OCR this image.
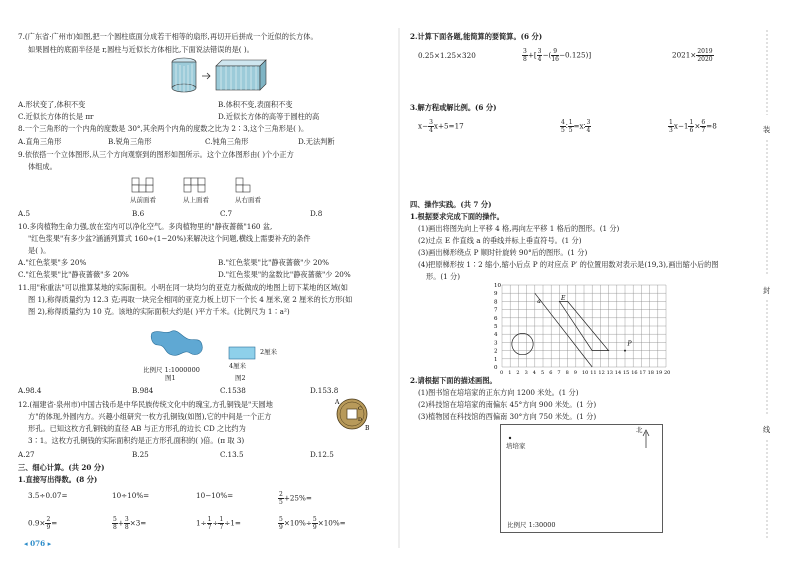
7.(广东省·广州市)如图,把一个圆柱底面分成若干相等的扇形,再切开后拼成一个近似的长方体。
如果圆柱的底面半径是 r,圆柱与近似长方体相比,下面说法错误的是( )。
A.形状变了,体积不变	B.体积不变,表面积不变
C.近似长方体的长是 πr	D.近似长方体的高等于圆柱的高
8.一个三角形的一个内角的度数是 30°,其余两个内角的度数之比为 2∶3,这个三角形是( )。
A.直角三角形	B.锐角三角形	C.钝角三角形	D.无法判断
9.依依搭一个立体图形,从三个方向观察到的图形如图所示。这个立体图形由( )个小正方
体组成。
从前面看	从上面看	从右面看
A.5	B.6	C.7	D.8
10.多肉植物生命力强,放在室内可以净化空气。多肉植物里的"静夜蔷薇"160 盆,
"红色浆果"有多少盆?涵涵列算式 160÷(1−20%)来解决这个问题,横线上需要补充的条件
是( )。
A."红色浆果"多 20%	B."红色浆果"比"静夜蔷薇"少 20%
C."红色浆果"比"静夜蔷薇"多 20%	D."红色浆果"的盆数比"静夜蔷薇"少 20%
11.用"称重法"可以推算某地的实际面积。小明在同一块均匀的亚克力板做成的地图上切下某地的区域(如
图 1),称得质量约为 12.3 克;再取一块完全相同的亚克力板上切下一个长 4 厘米,宽 2 厘米的长方形(如
图 2),称得质量约为 10 克。该地的实际面积大约是( )平方千米。(比例尺为 1∶a²)
2厘米
4厘米
比例尺 1:1000000
图1	图2
A.98.4	B.984	C.1538	D.153.8
12.(福建省·泉州市)中国古钱币是中华民族传统文化中的瑰宝,方孔铜钱是"天圆地
方"的体现,外圆内方。兴趣小组研究一枚方孔铜钱(如图),它的中间是一个正方
形孔。已知这枚方孔铜钱的直径 AB 与正方形孔的边长 CD 之比约为
3∶1。这枚方孔铜钱的实际面积约是正方形孔面积的( )倍。(π 取 3)
A
B
C
D
A.27	B.25	C.13.5	D.12.5
三、细心计算。(共 20 分)
1.直接写出得数。(8 分)
3.5÷0.07=	10÷10%=	10−10%=	$\frac{2}{5} +25\%=$
$0.9\times \frac{2}{9}$ =	$\frac{5}{8} + \frac{3}{8} \times 3=$	$1\div \frac{1}{7} \div \frac{1}{7} \div 1=$	$\frac{5}{9} \times 10\%\div \frac{5}{9} \times 10\%=$
◂ 076 ▸
2.计算下面各题,能简算的要简算。(6 分)
0.25×1.25×320	$\frac{3}{8}$ +[ $\frac{3}{4}$ −( $\frac{9}{16} -0.125$)]	$2021\times \frac{2019}{2020}$
3.解方程或解比例。(6 分)
$x- \frac{3}{4} x+5=17$	$\frac{4}{5}$ ∶ $\frac{1}{5}$ =x∶ $\frac{3}{4}$	$\frac{1}{3} x-1 \frac{1}{6} \times \frac{6}{7} =8$
四、操作实践。(共 7 分)
1.根据要求完成下面的操作。
(1)画出将图先向上平移 4 格,再向左平移 1 格后的图形。(1 分)
(2)过点 E 作直线 a 的垂线并标上垂直符号。(1 分)
(3)画出梯形绕点 P 顺时针旋转 90°后的图形。(1 分)
(4)把原梯形按 1∶2 缩小,缩小后点 P 的对应点 P′ 的位置用数对表示是(19,3),画出缩小后的图
形。(1 分)
10
9
8
7
6
5
4
3
2
1
0
0 1 2 3 4 5 6 7 8 9 10 11 12 13 14 15 16 17 18 19 20
a	E
P
2.请根据下面的描述画图。
(1)图书馆在培培家的正东方向 1200 米处。(1 分)
(2)科技馆在培培家的南偏东 45°方向 900 米处。(1 分)
(3)植物园在科技馆的西偏南 30°方向 750 米处。(1 分)
北
培培家
比例尺 1:30000
装
封
线
